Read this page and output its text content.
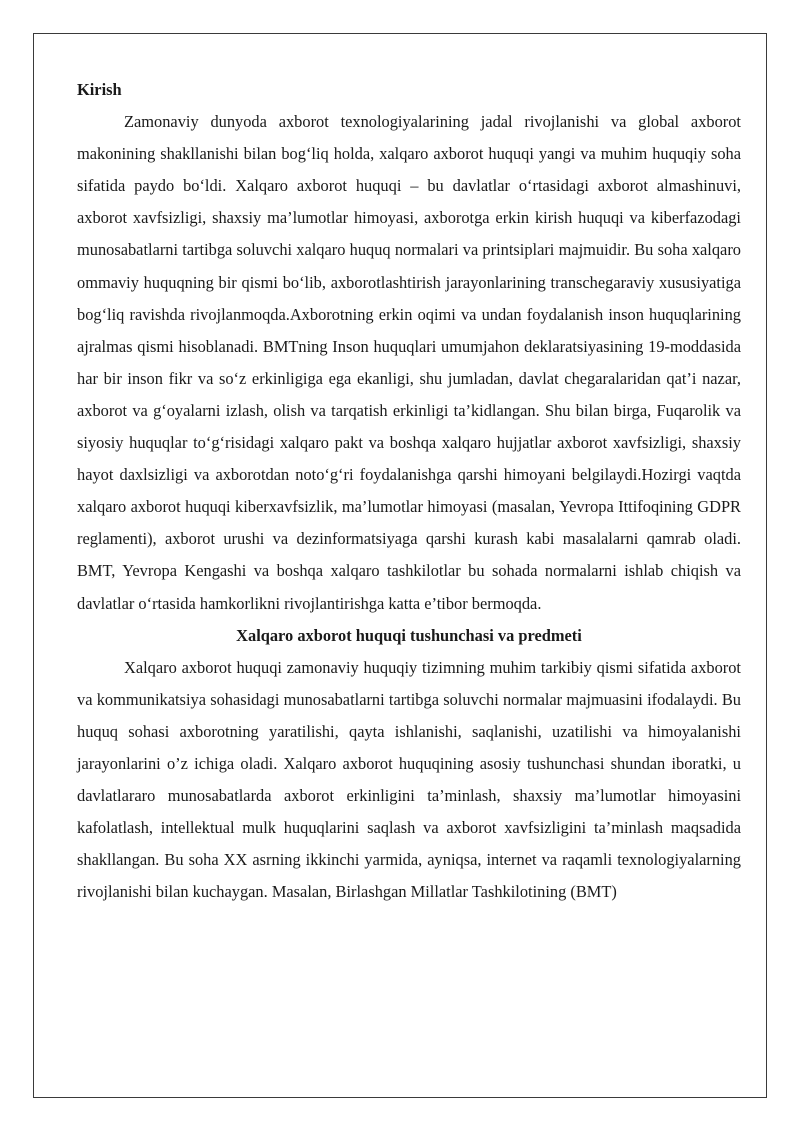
Kirish

Zamonaviy dunyoda axborot texnologiyalarining jadal rivojlanishi va global axborot makonining shakllanishi bilan bog‘liq holda, xalqaro axborot huquqi yangi va muhim huquqiy soha sifatida paydo bo‘ldi. Xalqaro axborot huquqi – bu davlatlar o‘rtasidagi axborot almashinuvi, axborot xavfsizligi, shaxsiy ma’lumotlar himoyasi, axborotga erkin kirish huquqi va kiberfazodagi munosabatlarni tartibga soluvchi xalqaro huquq normalari va printsiplari majmuidir. Bu soha xalqaro ommaviy huquqning bir qismi bo‘lib, axborotlashtirish jarayonlarining transchegaraviy xususiyatiga bog‘liq ravishda rivojlanmoqda.Axborotning erkin oqimi va undan foydalanish inson huquqlarining ajralmas qismi hisoblanadi. BMTning Inson huquqlari umumjahon deklaratsiyasining 19-moddasida har bir inson fikr va so‘z erkinligiga ega ekanligi, shu jumladan, davlat chegaralaridan qat’i nazar, axborot va g‘oyalarni izlash, olish va tarqatish erkinligi ta’kidlangan. Shu bilan birga, Fuqarolik va siyosiy huquqlar to‘g‘risidagi xalqaro pakt va boshqa xalqaro hujjatlar axborot xavfsizligi, shaxsiy hayot daxlsizligi va axborotdan noto‘g‘ri foydalanishga qarshi himoyani belgilaydi.Hozirgi vaqtda xalqaro axborot huquqi kiberxavfsizlik, ma’lumotlar himoyasi (masalan, Yevropa Ittifoqining GDPR reglamenti), axborot urushi va dezinformatsiyaga qarshi kurash kabi masalalarni qamrab oladi. BMT, Yevropa Kengashi va boshqa xalqaro tashkilotlar bu sohada normalarni ishlab chiqish va davlatlar o‘rtasida hamkorlikni rivojlantirishga katta e’tibor bermoqda.

Xalqaro axborot huquqi tushunchasi va predmeti

Xalqaro axborot huquqi zamonaviy huquqiy tizimning muhim tarkibiy qismi sifatida axborot va kommunikatsiya sohasidagi munosabatlarni tartibga soluvchi normalar majmuasini ifodalaydi. Bu huquq sohasi axborotning yaratilishi, qayta ishlanishi, saqlanishi, uzatilishi va himoyalanishi jarayonlarini o’z ichiga oladi. Xalqaro axborot huquqining asosiy tushunchasi shundan iboratki, u davlatlararo munosabatlarda axborot erkinligini ta’minlash, shaxsiy ma’lumotlar himoyasini kafolatlash, intellektual mulk huquqlarini saqlash va axborot xavfsizligini ta’minlash maqsadida shakllangan. Bu soha XX asrning ikkinchi yarmida, ayniqsa, internet va raqamli texnologiyalarning rivojlanishi bilan kuchaygan. Masalan, Birlashgan Millatlar Tashkilotining (BMT)
